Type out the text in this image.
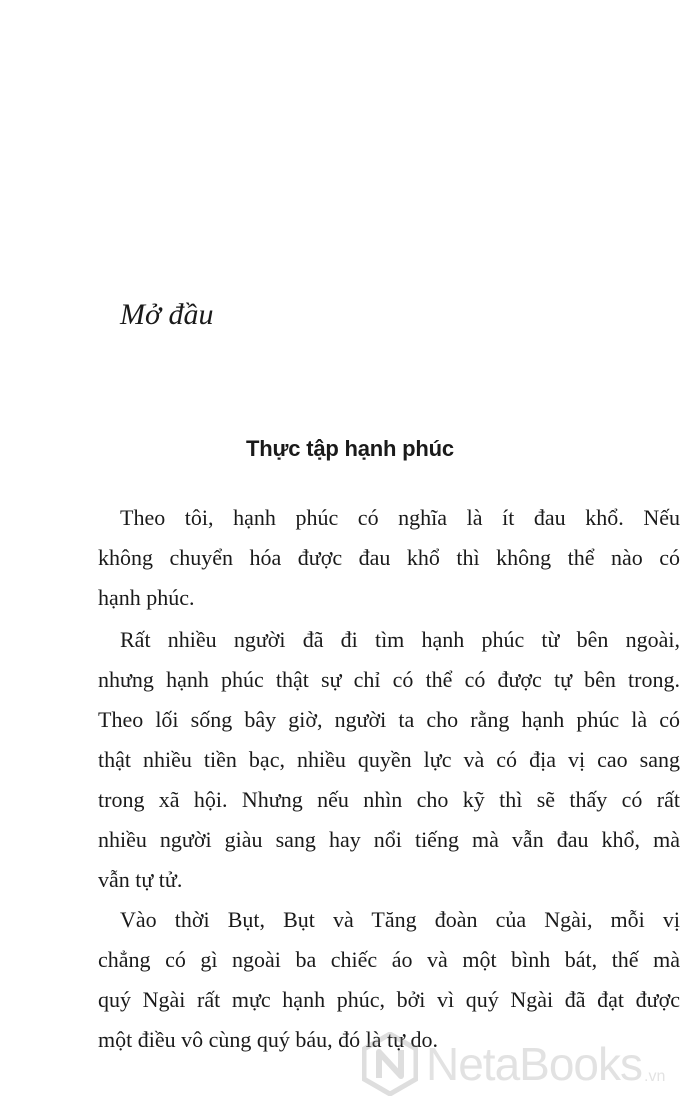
Mở đầu
Thực tập hạnh phúc

Theo tôi, hạnh phúc có nghĩa là ít đau khổ. Nếu
không chuyển hóa được đau khổ thì không thể nào có
hạnh phúc.

Rất nhiều người đã đi tìm hạnh phúc từ bên ngoài,
nhưng hạnh phúc thật sự chỉ có thể có được tự bên trong.
Theo lối sống bây giờ, người ta cho rằng hạnh phúc là có
thật nhiều tiền bạc, nhiều quyền lực và có địa vị cao sang
trong xã hội. Nhưng nếu nhìn cho kỹ thì sẽ thấy có rất
nhiều người giàu sang hay nổi tiếng mà vẫn đau khổ, mà
vẫn tự tử.

Vào thời Bụt, Bụt và Tăng đoàn của Ngài, mỗi vị
chẳng có gì ngoài ba chiếc áo và một bình bát, thế mà
quý Ngài rất mực hạnh phúc, bởi vì quý Ngài đã đạt được
một điều vô cùng quý báu, đó là tự do.

NetaBooks .vn
